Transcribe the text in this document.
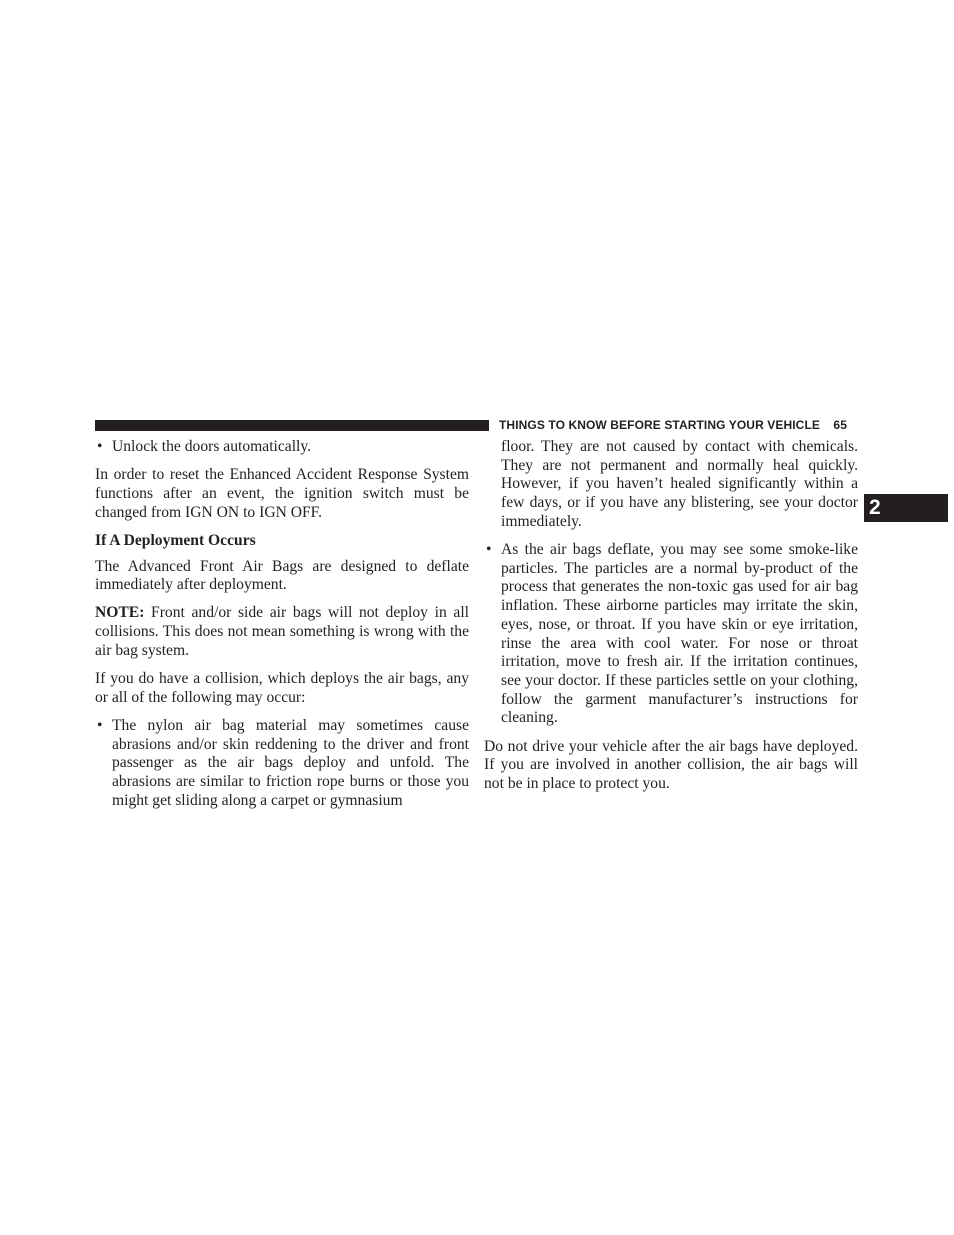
THINGS TO KNOW BEFORE STARTING YOUR VEHICLE 65
2
• Unlock the doors automatically.

In order to reset the Enhanced Accident Response System functions after an event, the ignition switch must be changed from IGN ON to IGN OFF.

If A Deployment Occurs

The Advanced Front Air Bags are designed to deflate immediately after deployment.

NOTE: Front and/or side air bags will not deploy in all collisions. This does not mean something is wrong with the air bag system.

If you do have a collision, which deploys the air bags, any or all of the following may occur:

• The nylon air bag material may sometimes cause abrasions and/or skin reddening to the driver and front passenger as the air bags deploy and unfold. The abrasions are similar to friction rope burns or those you might get sliding along a carpet or gymnasium
floor. They are not caused by contact with chemicals. They are not permanent and normally heal quickly. However, if you haven’t healed significantly within a few days, or if you have any blistering, see your doctor immediately.
• As the air bags deflate, you may see some smoke-like particles. The particles are a normal by-product of the process that generates the non-toxic gas used for air bag inflation. These airborne particles may irritate the skin, eyes, nose, or throat. If you have skin or eye irritation, rinse the area with cool water. For nose or throat irritation, move to fresh air. If the irritation continues, see your doctor. If these particles settle on your clothing, follow the garment manufacturer’s instructions for cleaning.

Do not drive your vehicle after the air bags have deployed. If you are involved in another collision, the air bags will not be in place to protect you.
